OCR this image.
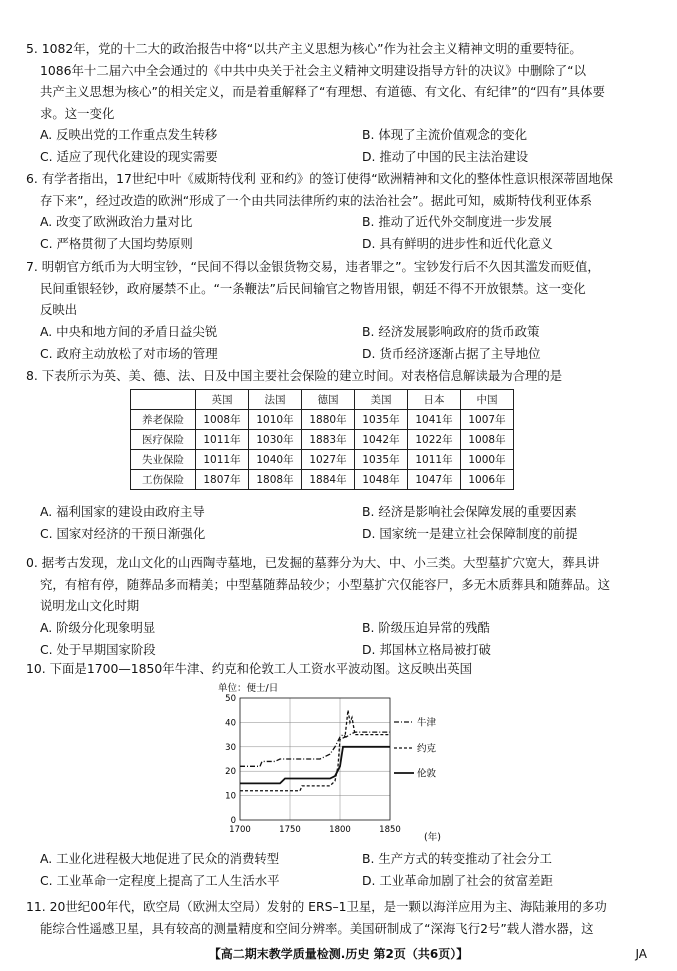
5. 1082年，党的十二大的政治报告中将“以共产主义思想为核心”作为社会主义精神文明的重要特征。
1086年十二届六中全会通过的《中共中央关于社会主义精神文明建设指导方针的决议》中删除了“以
共产主义思想为核心”的相关定义，而是着重解释了“有理想、有道德、有文化、有纪律”的“四有”具体要
求。这一变化
A. 反映出党的工作重点发生转移	B. 体现了主流价值观念的变化
C. 适应了现代化建设的现实需要	D. 推动了中国的民主法治建设
6. 有学者指出，17世纪中叶《威斯特伐利 亚和约》的签订使得“欧洲精神和文化的整体性意识根深蒂固地保
存下来”，经过改造的欧洲“形成了一个由共同法律所约束的法治社会”。据此可知，威斯特伐利亚体系
A. 改变了欧洲政治力量对比	B. 推动了近代外交制度进一步发展
C. 严格贯彻了大国均势原则	D. 具有鲜明的进步性和近代化意义
7. 明朝官方纸币为大明宝钞，“民间不得以金银货物交易，违者罪之”。宝钞发行后不久因其滥发而贬值，
民间重银轻钞，政府屡禁不止。“一条鞭法”后民间输官之物皆用银，朝廷不得不开放银禁。这一变化
反映出
A. 中央和地方间的矛盾日益尖锐	B. 经济发展影响政府的货币政策
C. 政府主动放松了对市场的管理	D. 货币经济逐渐占据了主导地位
8. 下表所示为英、美、德、法、日及中国主要社会保险的建立时间。对表格信息解读最为合理的是
	英国	法国	德国	美国	日本	中国
养老保险	1008年	1010年	1880年	1035年	1041年	1007年
医疗保险	1011年	1030年	1883年	1042年	1022年	1008年
失业保险	1011年	1040年	1027年	1035年	1011年	1000年
工伤保险	1807年	1808年	1884年	1048年	1047年	1006年
A. 福利国家的建设由政府主导	B. 经济是影响社会保障发展的重要因素
C. 国家对经济的干预日渐强化	D. 国家统一是建立社会保障制度的前提
0. 据考古发现，龙山文化的山西陶寺墓地，已发掘的墓葬分为大、中、小三类。大型墓扩穴宽大，葬具讲
究，有棺有停，随葬品多而精美；中型墓随葬品较少；小型墓扩穴仅能容尸，多无木质葬具和随葬品。这
说明龙山文化时期
A. 阶级分化现象明显	B. 阶级压迫异常的残酷
C. 处于早期国家阶段	D. 邦国林立格局被打破
10. 下面是1700—1850年牛津、约克和伦敦工人工资水平波动图。这反映出英国
单位：便士/日
0
10
20
30
40
50
1700	1750	1800	1850
牛津
约克
伦敦
(年)
A. 工业化进程极大地促进了民众的消费转型	B. 生产方式的转变推动了社会分工
C. 工业革命一定程度上提高了工人生活水平	D. 工业革命加剧了社会的贫富差距
11. 20世纪00年代，欧空局（欧洲太空局）发射的 ERS–1卫星，是一颗以海洋应用为主、海陆兼用的多功
能综合性遥感卫星，具有较高的测量精度和空间分辨率。美国研制成了“深海飞行2号”载人潜水器，这
【高二期末教学质量检测.历史 第2页（共6页）】	JA
